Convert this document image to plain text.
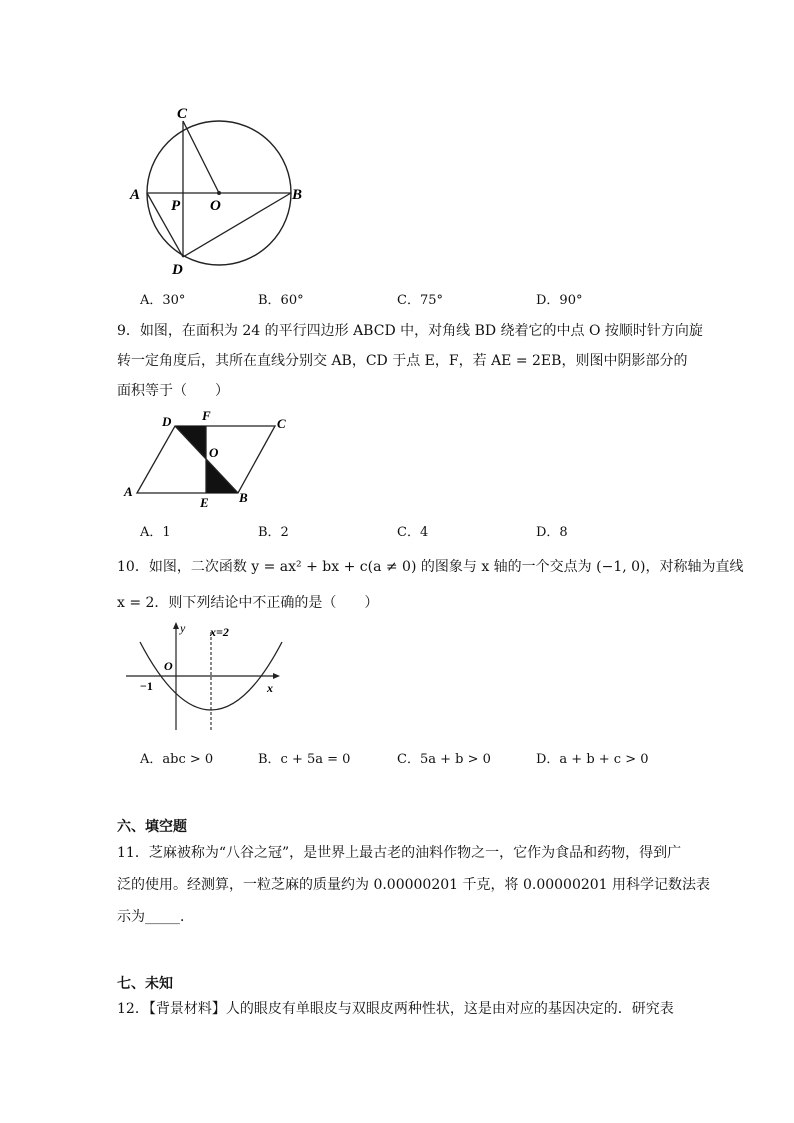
C
A
P O
B
D
A．30°	B．60°	C．75°	D．90°
9．如图，在面积为 24 的平行四边形 ABCD 中，对角线 BD 绕着它的中点 O 按顺时针方向旋
转一定角度后，其所在直线分别交 AB，CD 于点 E，F，若 AE = 2EB，则图中阴影部分的
面积等于（　　）
D F
C
O
A
E B
A．1	B．2	C．4	D．8
10．如图，二次函数 y = ax² + bx + c(a ≠ 0) 的图象与 x 轴的一个交点为 (−1, 0)，对称轴为直线
x = 2．则下列结论中不正确的是（　　）
y x=2
O
−1	x
A．abc > 0	B．c + 5a = 0	C．5a + b > 0	D．a + b + c > 0
六、填空题
11．芝麻被称为“八谷之冠”，是世界上最古老的油料作物之一，它作为食品和药物，得到广
泛的使用。经测算，一粒芝麻的质量约为 0.00000201 千克，将 0.00000201 用科学记数法表
示为_____．
七、未知
12．【背景材料】人的眼皮有单眼皮与双眼皮两种性状，这是由对应的基因决定的．研究表
